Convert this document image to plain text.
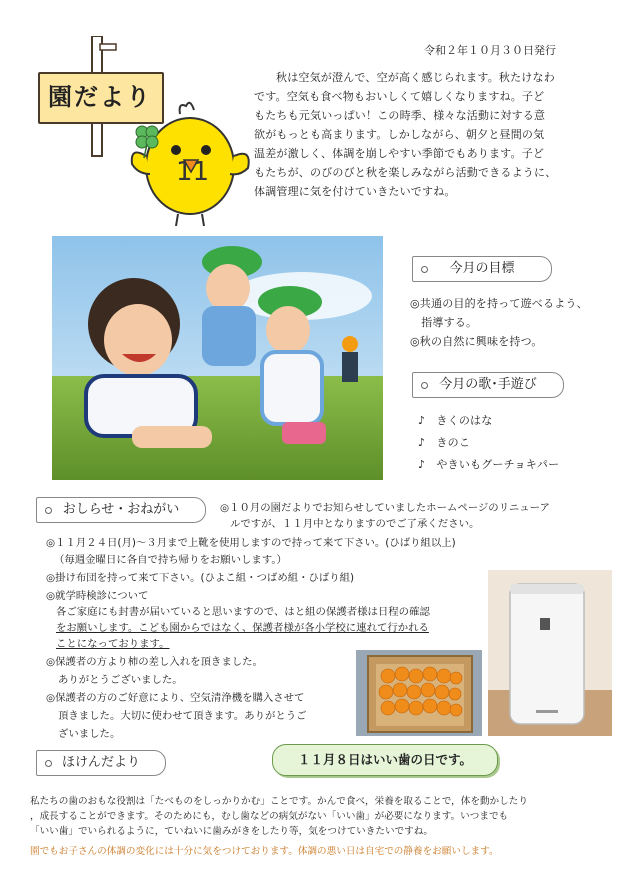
園だより
11
令和２年１０月３０日発行
秋は空気が澄んで、空が高く感じられます。秋たけなわ
です。空気も食べ物もおいしくて嬉しくなりますね。子ど
もたちも元気いっぱい！この時季、様々な活動に対する意
欲がもっとも高まります。しかしながら、朝夕と昼間の気
温差が激しく、体調を崩しやすい季節でもあります。子ど
もたちが、のびのびと秋を楽しみながら活動できるように、
体調管理に気を付けていきたいですね。
今月の目標
◎共通の目的を持って遊べるよう、
　指導する。
◎秋の自然に興味を持つ。
今月の歌･手遊び
♪　きくのはな
♪　きのこ
♪　やきいもグーチョキパー
おしらせ・おねがい	◎１０月の園だよりでお知らせしていましたホームページのリニューア
ルですが、１１月中となりますのでご了承ください。
◎１１月２４日(月)～３月まで上靴を使用しますので持って来て下さい。(ひばり組以上)
（毎週金曜日に各自で持ち帰りをお願いします。）
◎掛け布団を持って来て下さい。(ひよこ組・つばめ組・ひばり組)
◎就学時検診について
各ご家庭にも封書が届いていると思いますので、はと組の保護者様は日程の確認
をお願いします。こども園からではなく、保護者様が各小学校に連れて行かれる
ことになっております。
◎保護者の方より柿の差し入れを頂きました。
ありがとうございました。
◎保護者の方のご好意により、空気清浄機を購入させて
頂きました。大切に使わせて頂きます。ありがとうご
ざいました。
ほけんだより	１１月８日はいい歯の日です。
私たちの歯のおもな役割は「たべものをしっかりかむ」ことです。かんで食べ，栄養を取ることで，体を動かしたり
，成長することができます。そのためにも，むし歯などの病気がない「いい歯」が必要になります。いつまでも
「いい歯」でいられるように，ていねいに歯みがきをしたり等，気をつけていきたいですね。
園でもお子さんの体調の変化には十分に気をつけております。体調の悪い日は自宅での静養をお願いします。
